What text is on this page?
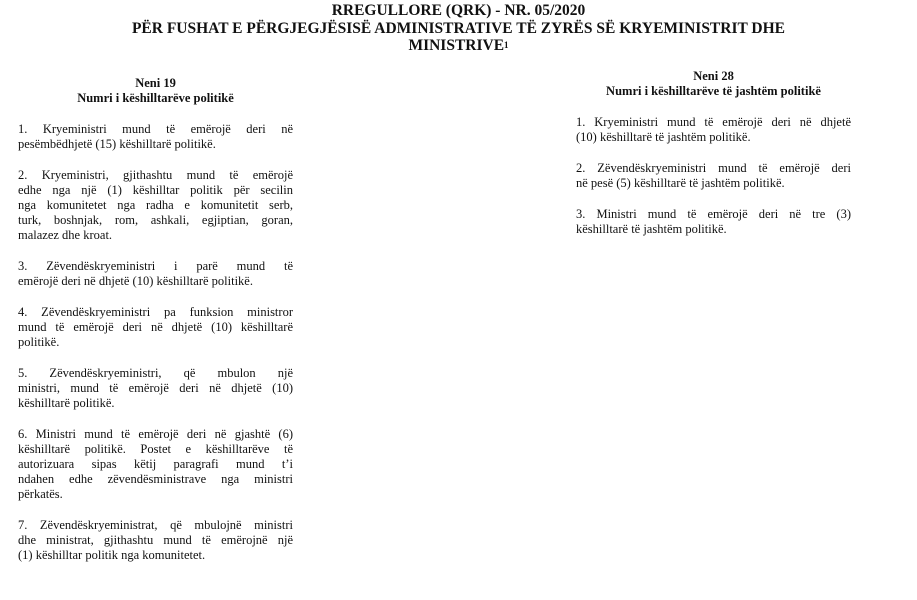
RREGULLORE (QRK) - NR. 05/2020
PËR FUSHAT E PËRGJEGJËSISË ADMINISTRATIVE TË ZYRËS SË KRYEMINISTRIT DHE
MINISTRIVE$^1$
Neni 19
Numri i këshilltarëve politikë
1. Kryeministri mund të emërojë deri në
pesëmbëdhjetë (15) këshilltarë politikë.
2. Kryeministri, gjithashtu mund të emërojë
edhe nga një (1) këshilltar politik për secilin
nga komunitetet nga radha e komunitetit serb,
turk, boshnjak, rom, ashkali, egjiptian, goran,
malazez dhe kroat.
3. Zëvendëskryeministri i parë mund të
emërojë deri në dhjetë (10) këshilltarë politikë.
4. Zëvendëskryeministri pa funksion ministror
mund të emërojë deri në dhjetë (10) këshilltarë
politikë.
5. Zëvendëskryeministri, që mbulon një
ministri, mund të emërojë deri në dhjetë (10)
këshilltarë politikë.
6. Ministri mund të emërojë deri në gjashtë (6)
këshilltarë politikë. Postet e këshilltarëve të
autorizuara sipas këtij paragrafi mund t’i
ndahen edhe zëvendësministrave nga ministri
përkatës.
7. Zëvendëskryeministrat, që mbulojnë ministri
dhe ministrat, gjithashtu mund të emërojnë një
(1) këshilltar politik nga komunitetet.
Neni 28
Numri i këshilltarëve të jashtëm politikë
1. Kryeministri mund të emërojë deri në dhjetë
(10) këshilltarë të jashtëm politikë.
2. Zëvendëskryeministri mund të emërojë deri
në pesë (5) këshilltarë të jashtëm politikë.
3. Ministri mund të emërojë deri në tre (3)
këshilltarë të jashtëm politikë.
